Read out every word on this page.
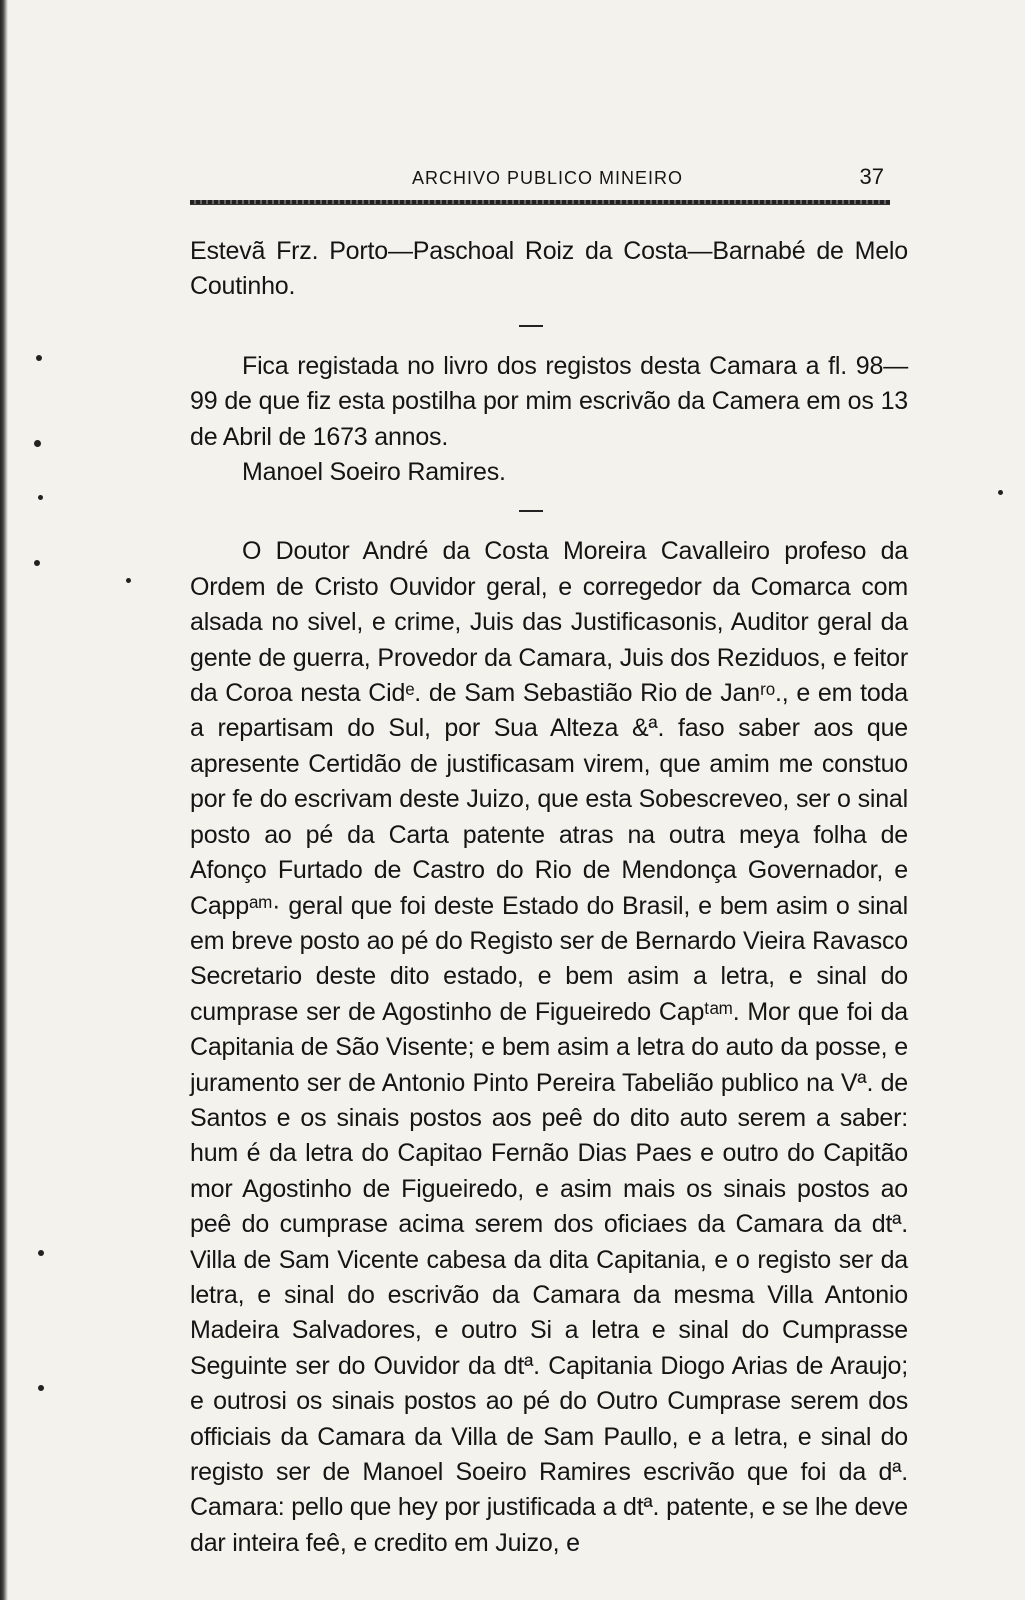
ARCHIVO PUBLICO MINEIRO	37

Estevã Frz. Porto—Paschoal Roiz da Costa—Barnabé de Melo Coutinho.

Fica registada no livro dos registos desta Camara a fl. 98—99 de que fiz esta postilha por mim escrivão da Camera em os 13 de Abril de 1673 annos.

Manoel Soeiro Ramires.

O Doutor André da Costa Moreira Cavalleiro profeso da Ordem de Cristo Ouvidor geral, e corregedor da Comarca com alsada no sivel, e crime, Juis das Justificasonis, Auditor geral da gente de guerra, Provedor da Camara, Juis dos Reziduos, e feitor da Coroa nesta Cidᵉ. de Sam Sebastião Rio de Janʳᵒ., e em toda a repartisam do Sul, por Sua Alteza &ª. faso saber aos que apresente Certidão de justificasam virem, que amim me constuo por fe do escrivam deste Juizo, que esta Sobescreveo, ser o sinal posto ao pé da Carta patente atras na outra meya folha de Afonço Furtado de Castro do Rio de Mendonça Governador, e Cappᵃᵐ· geral que foi deste Estado do Brasil, e bem asim o sinal em breve posto ao pé do Registo ser de Bernardo Vieira Ravasco Secretario deste dito estado, e bem asim a letra, e sinal do cumprase ser de Agostinho de Figueiredo Capᵗᵃᵐ. Mor que foi da Capitania de São Visente; e bem asim a letra do auto da posse, e juramento ser de Antonio Pinto Pereira Tabelião publico na Vª. de Santos e os sinais postos aos peê do dito auto serem a saber: hum é da letra do Capitao Fernão Dias Paes e outro do Capitão mor Agostinho de Figueiredo, e asim mais os sinais postos ao peê do cumprase acima serem dos oficiaes da Camara da dtª. Villa de Sam Vicente cabesa da dita Capitania, e o registo ser da letra, e sinal do escrivão da Camara da mesma Villa Antonio Madeira Salvadores, e outro Si a letra e sinal do Cumprasse Seguinte ser do Ouvidor da dtª. Capitania Diogo Arias de Araujo; e outrosi os sinais postos ao pé do Outro Cumprase serem dos officiais da Camara da Villa de Sam Paullo, e a letra, e sinal do registo ser de Manoel Soeiro Ramires escrivão que foi da dª. Camara: pello que hey por justificada a dtª. patente, e se lhe deve dar inteira feê, e credito em Juizo, e
